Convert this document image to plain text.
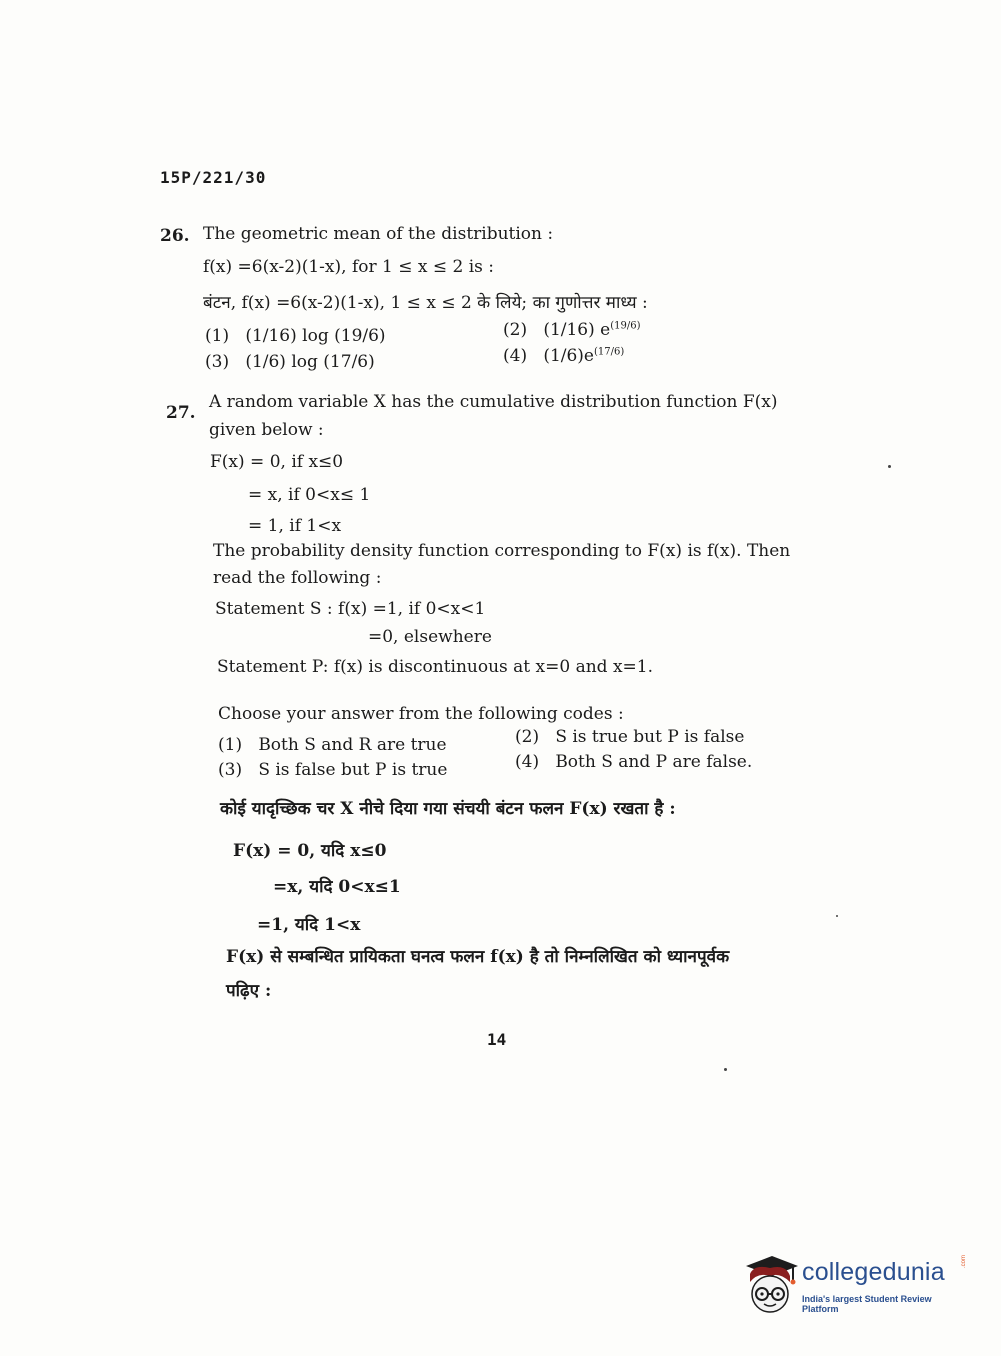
15P/221/30
26. The geometric mean of the distribution :
f(x) =6(x-2)(1-x), for 1 ≤ x ≤ 2 is :
बंटन, f(x) =6(x-2)(1-x), 1 ≤ x ≤ 2 के लिये; का गुणोत्तर माध्य :
(1) (1/16) log (19/6)	(2) (1/16) $e^{(19/6)}$
(3) (1/6) log (17/6)	(4) $(1/6)e^{(17/6)}$
27.
A random variable X has the cumulative distribution function F(x)
given below :
F(x) = 0, if x≤0
= x, if 0<x≤ 1
= 1, if 1<x
The probability density function corresponding to F(x) is f(x). Then
read the following :
Statement S : f(x) =1, if 0<x<1
=0, elsewhere
Statement P: f(x) is discontinuous at x=0 and x=1.
Choose your answer from the following codes :
(1) Both S and R are true	(2) S is true but P is false
(3) S is false but P is true	(4) Both S and P are false.
कोई यादृच्छिक चर X नीचे दिया गया संचयी बंटन फलन F(x) रखता है :
F(x) = 0, यदि x≤0
=x, यदि 0<x≤1
=1, यदि 1<x
F(x) से सम्बन्धित प्रायिकता घनत्व फलन f(x) है तो निम्नलिखित को ध्यानपूर्वक
पढ़िए :
14
collegedunia	.com
India's largest Student Review Platform
